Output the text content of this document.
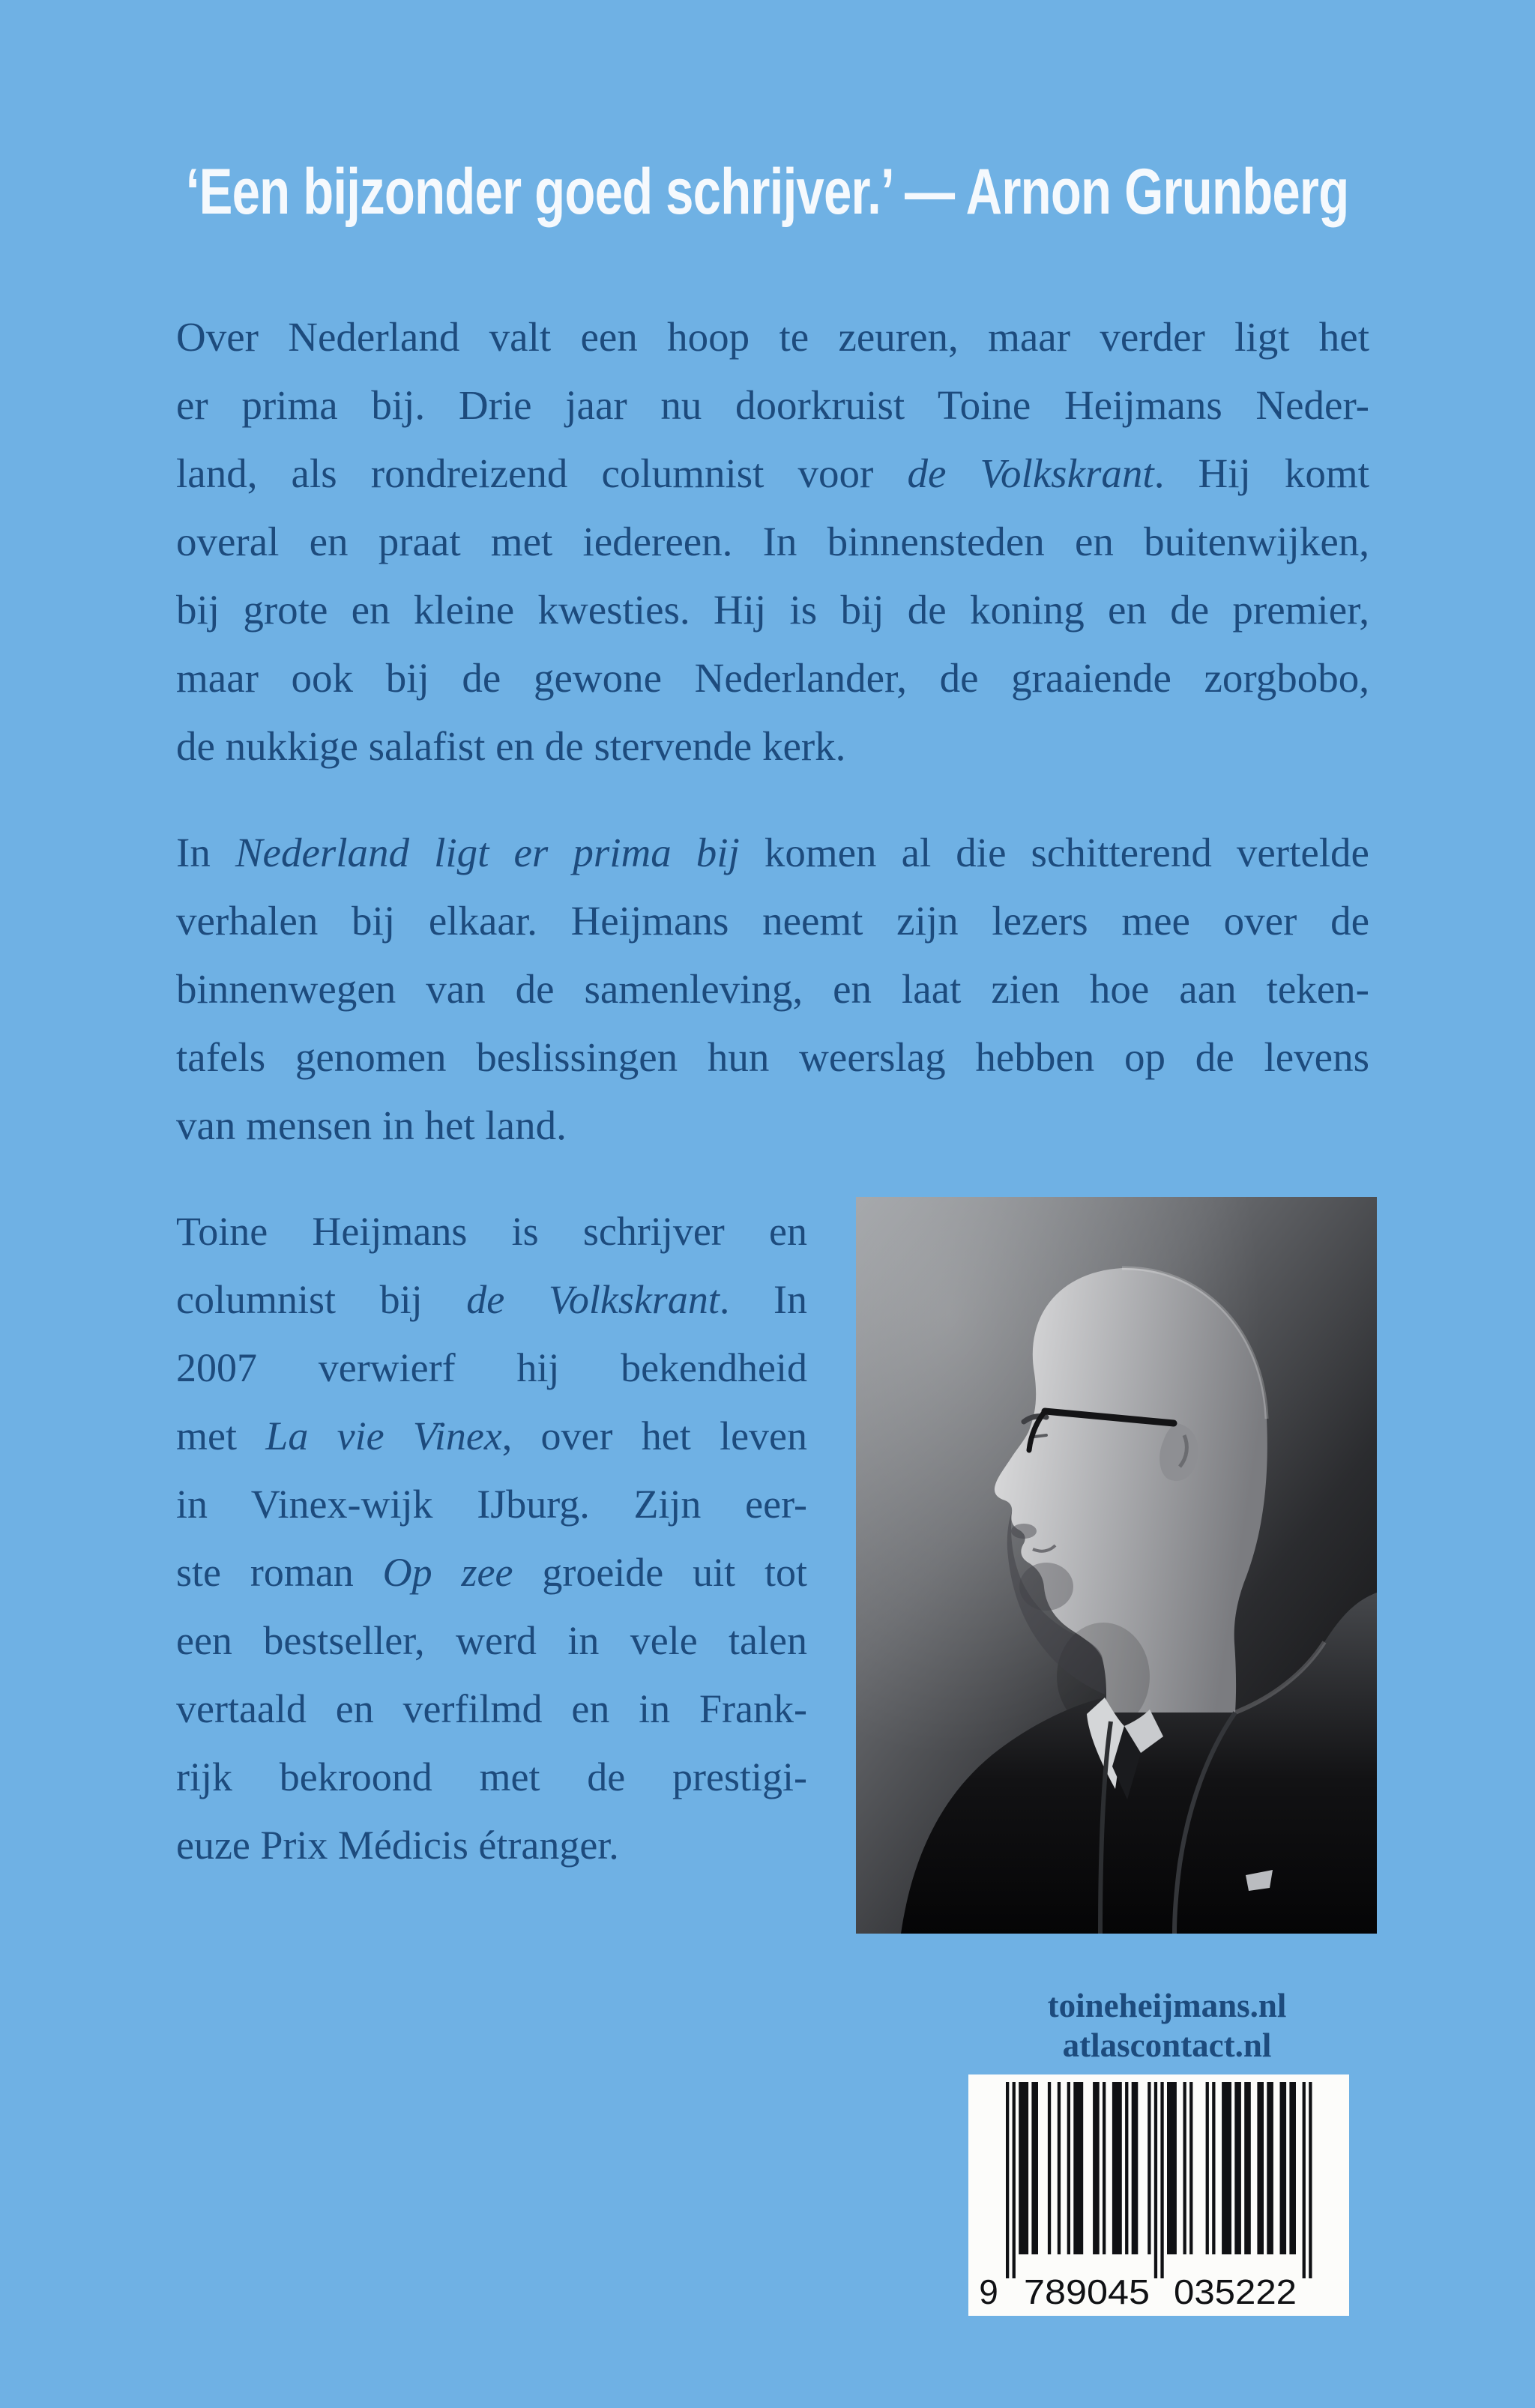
‘Een bijzonder goed schrijver.’ — Arnon Grunberg
Over Nederland valt een hoop te zeuren, maar verder ligt het
er prima bij. Drie jaar nu doorkruist Toine Heijmans Neder-
land, als rondreizend columnist voor de Volkskrant. Hij komt
overal en praat met iedereen. In binnensteden en buitenwijken,
bij grote en kleine kwesties. Hij is bij de koning en de premier,
maar ook bij de gewone Nederlander, de graaiende zorgbobo,
de nukkige salafist en de stervende kerk.
In Nederland ligt er prima bij komen al die schitterend vertelde
verhalen bij elkaar. Heijmans neemt zijn lezers mee over de
binnenwegen van de samenleving, en laat zien hoe aan teken-
tafels genomen beslissingen hun weerslag hebben op de levens
van mensen in het land.
Toine Heijmans is schrijver en
columnist bij de Volkskrant. In
2007 verwierf hij bekendheid
met La vie Vinex, over het leven
in Vinex-wijk IJburg. Zijn eer-
ste roman Op zee groeide uit tot
een bestseller, werd in vele talen
vertaald en verfilmd en in Frank-
rijk bekroond met de prestigi-
euze Prix Médicis étranger.
toineheijmans.nl
atlascontact.nl
9 789045 035222
